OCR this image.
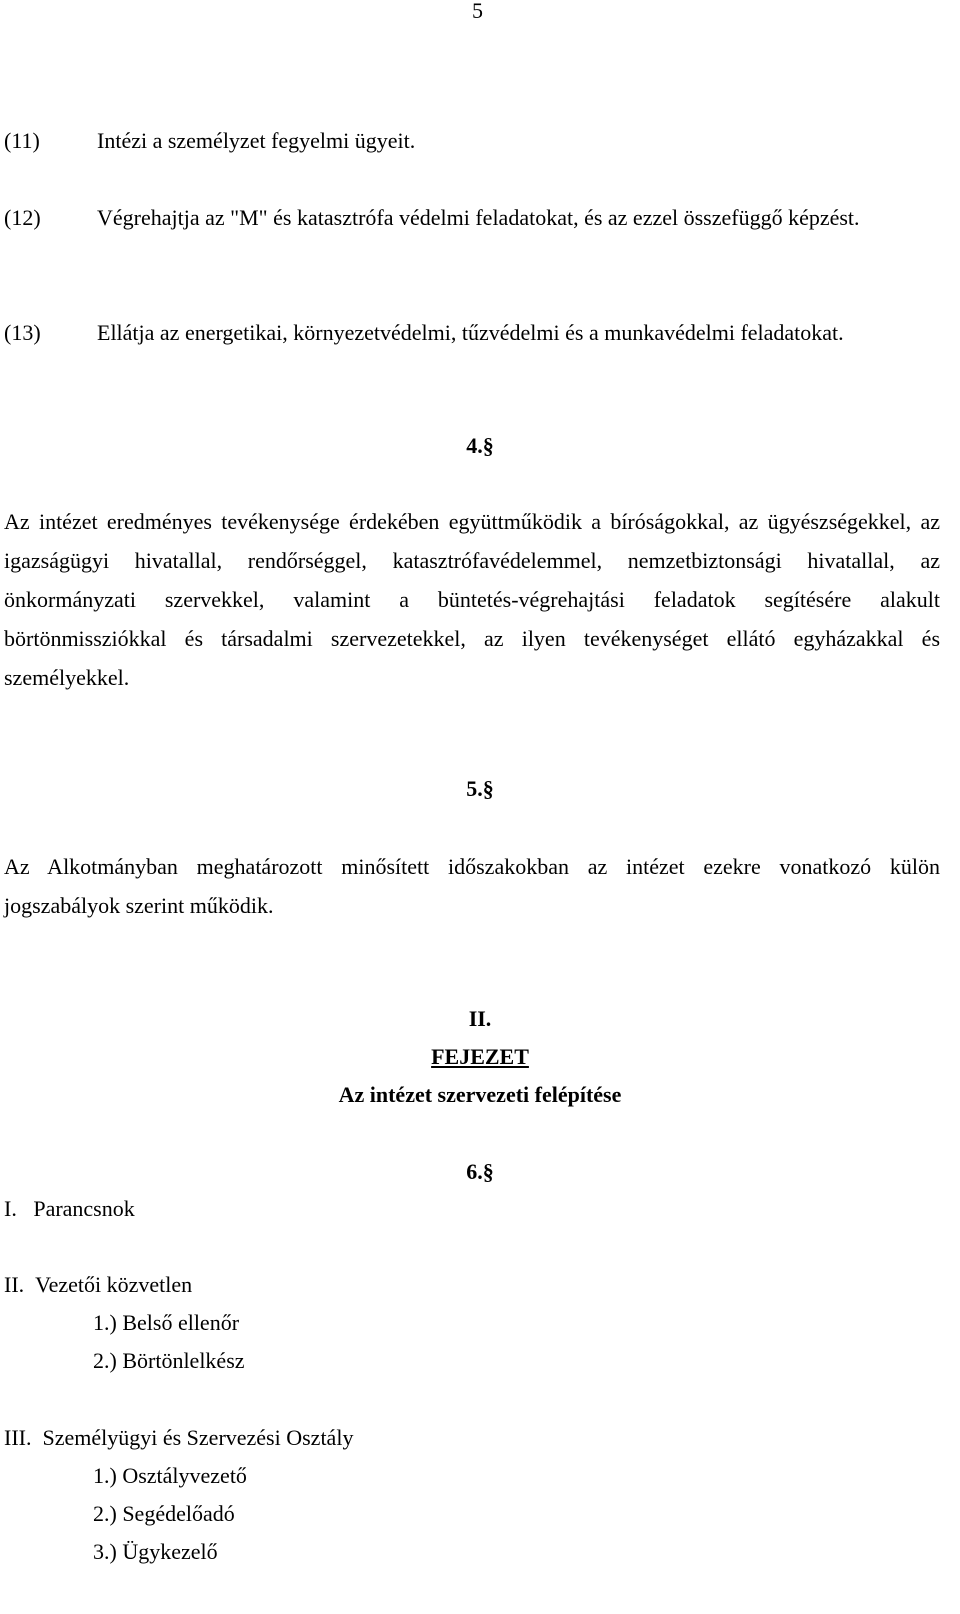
5
(11)	Intézi a személyzet fegyelmi ügyeit.
(12)	Végrehajtja az "M" és katasztrófa védelmi feladatokat, és az ezzel összefüggő képzést.
(13)	Ellátja az energetikai, környezetvédelmi, tűzvédelmi és a munkavédelmi feladatokat.
4.§
Az intézet eredményes tevékenysége érdekében együttműködik a bíróságokkal, az ügyészségekkel, az igazságügyi hivatallal, rendőrséggel, katasztrófavédelemmel, nemzetbiztonsági hivatallal, az önkormányzati szervekkel, valamint a büntetés-végrehajtási feladatok segítésére alakult börtönmissziókkal és társadalmi szervezetekkel, az ilyen tevékenységet ellátó egyházakkal és személyekkel.
5.§
Az Alkotmányban meghatározott minősített időszakokban az intézet ezekre vonatkozó külön jogszabályok szerint működik.
II.
FEJEZET
Az intézet szervezeti felépítése
6.§
I. Parancsnok
II. Vezetői közvetlen
1.) Belső ellenőr
2.) Börtönlelkész
III. Személyügyi és Szervezési Osztály
1.) Osztályvezető
2.) Segédelőadó
3.) Ügykezelő
